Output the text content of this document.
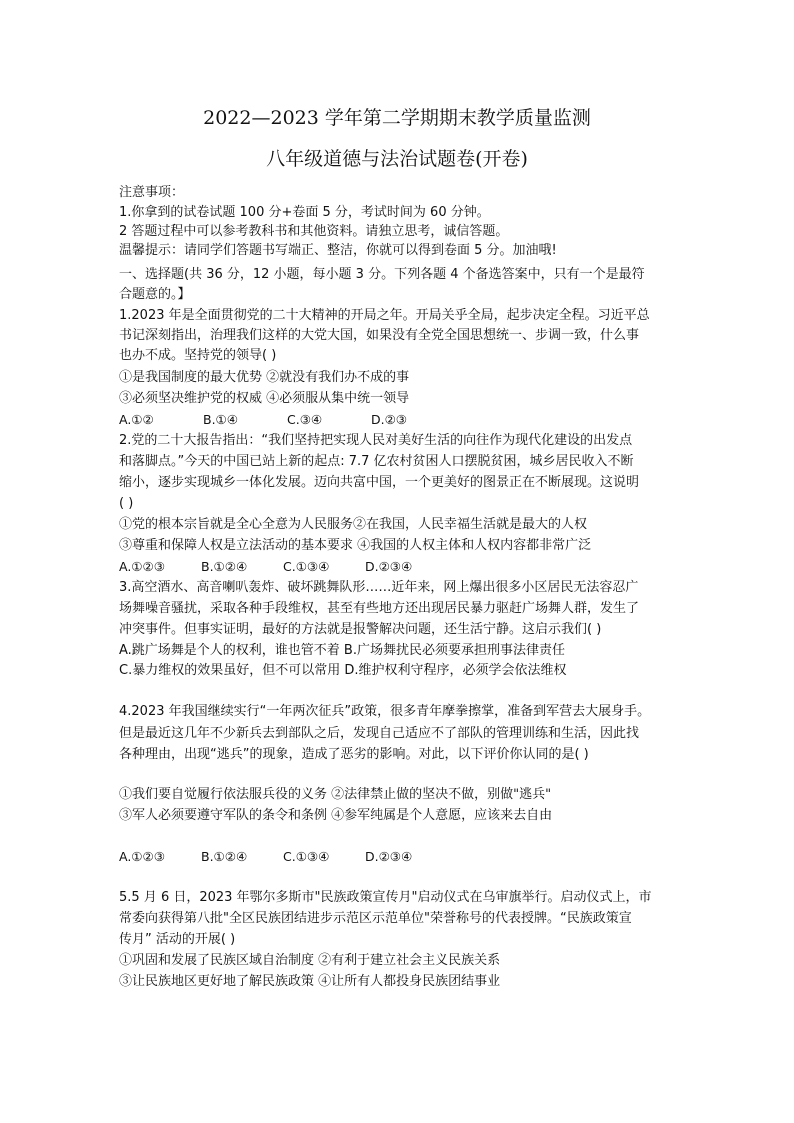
2022—2023 学年第二学期期末教学质量监测
八年级道德与法治试题卷(开卷)
注意事项：
1.你拿到的试卷试题 100 分+卷面 5 分，考试时间为 60 分钟。
2 答题过程中可以参考教科书和其他资料。请独立思考，诚信答题。
温馨提示：请同学们答题书写端正、整洁，你就可以得到卷面 5 分。加油哦!
一、选择题(共 36 分，12 小题，每小题 3 分。下列各题 4 个备选答案中，只有一个是最符
合题意的。】
1.2023 年是全面贯彻党的二十大精神的开局之年。开局关乎全局，起步决定全程。习近平总
书记深刻指出，治理我们这样的大党大国，如果没有全党全国思想统一、步调一致，什么事
也办不成。坚持党的领导( )
①是我国制度的最大优势 ②就没有我们办不成的事
③必须坚决维护党的权威 ④必须服从集中统一领导
A.①②	B.①④	C.③④	D.②③
2.党的二十大报告指出：“我们坚持把实现人民对美好生活的向往作为现代化建设的出发点
和落脚点。”今天的中国已站上新的起点: 7.7 亿农村贫困人口摆脱贫困，城乡居民收入不断
缩小，逐步实现城乡一体化发展。迈向共富中国，一个更美好的图景正在不断展现。这说明
( )
①党的根本宗旨就是全心全意为人民服务②在我国，人民幸福生活就是最大的人权
③尊重和保障人权是立法活动的基本要求 ④我国的人权主体和人权内容都非常广泛
A.①②③	B.①②④	C.①③④	D.②③④
3.高空酒水、高音喇叭轰炸、破坏跳舞队形……近年来，网上爆出很多小区居民无法容忍广
场舞噪音骚扰，采取各种手段维权，甚至有些地方还出现居民暴力驱赶广场舞人群，发生了
冲突事件。但事实证明，最好的方法就是报警解决问题，还生活宁静。这启示我们( )
A.跳广场舞是个人的权利，谁也管不着 B.广场舞扰民必须要承担刑事法律责任
C.暴力维权的效果虽好，但不可以常用 D.维护权利守程序，必须学会依法维权
4.2023 年我国继续实行“一年两次征兵”政策，很多青年摩拳擦掌，准备到军营去大展身手。
但是最近这几年不少新兵去到部队之后，发现自己适应不了部队的管理训练和生活，因此找
各种理由，出现“逃兵”的现象，造成了恶劣的影响。对此，以下评价你认同的是( )
①我们要自觉履行依法服兵役的义务 ②法律禁止做的坚决不做，别做"逃兵"
③军人必须要遵守军队的条令和条例 ④参军纯属是个人意愿，应该来去自由
A.①②③	B.①②④	C.①③④	D.②③④
5.5 月 6 日，2023 年鄂尔多斯市"民族政策宣传月"启动仪式在乌审旗举行。启动仪式上，市
常委向获得第八批"全区民族团结进步示范区示范单位"荣誉称号的代表授牌。“民族政策宣
传月” 活动的开展( )
①巩固和发展了民族区域自治制度 ②有利于建立社会主义民族关系
③让民族地区更好地了解民族政策 ④让所有人都投身民族团结事业
